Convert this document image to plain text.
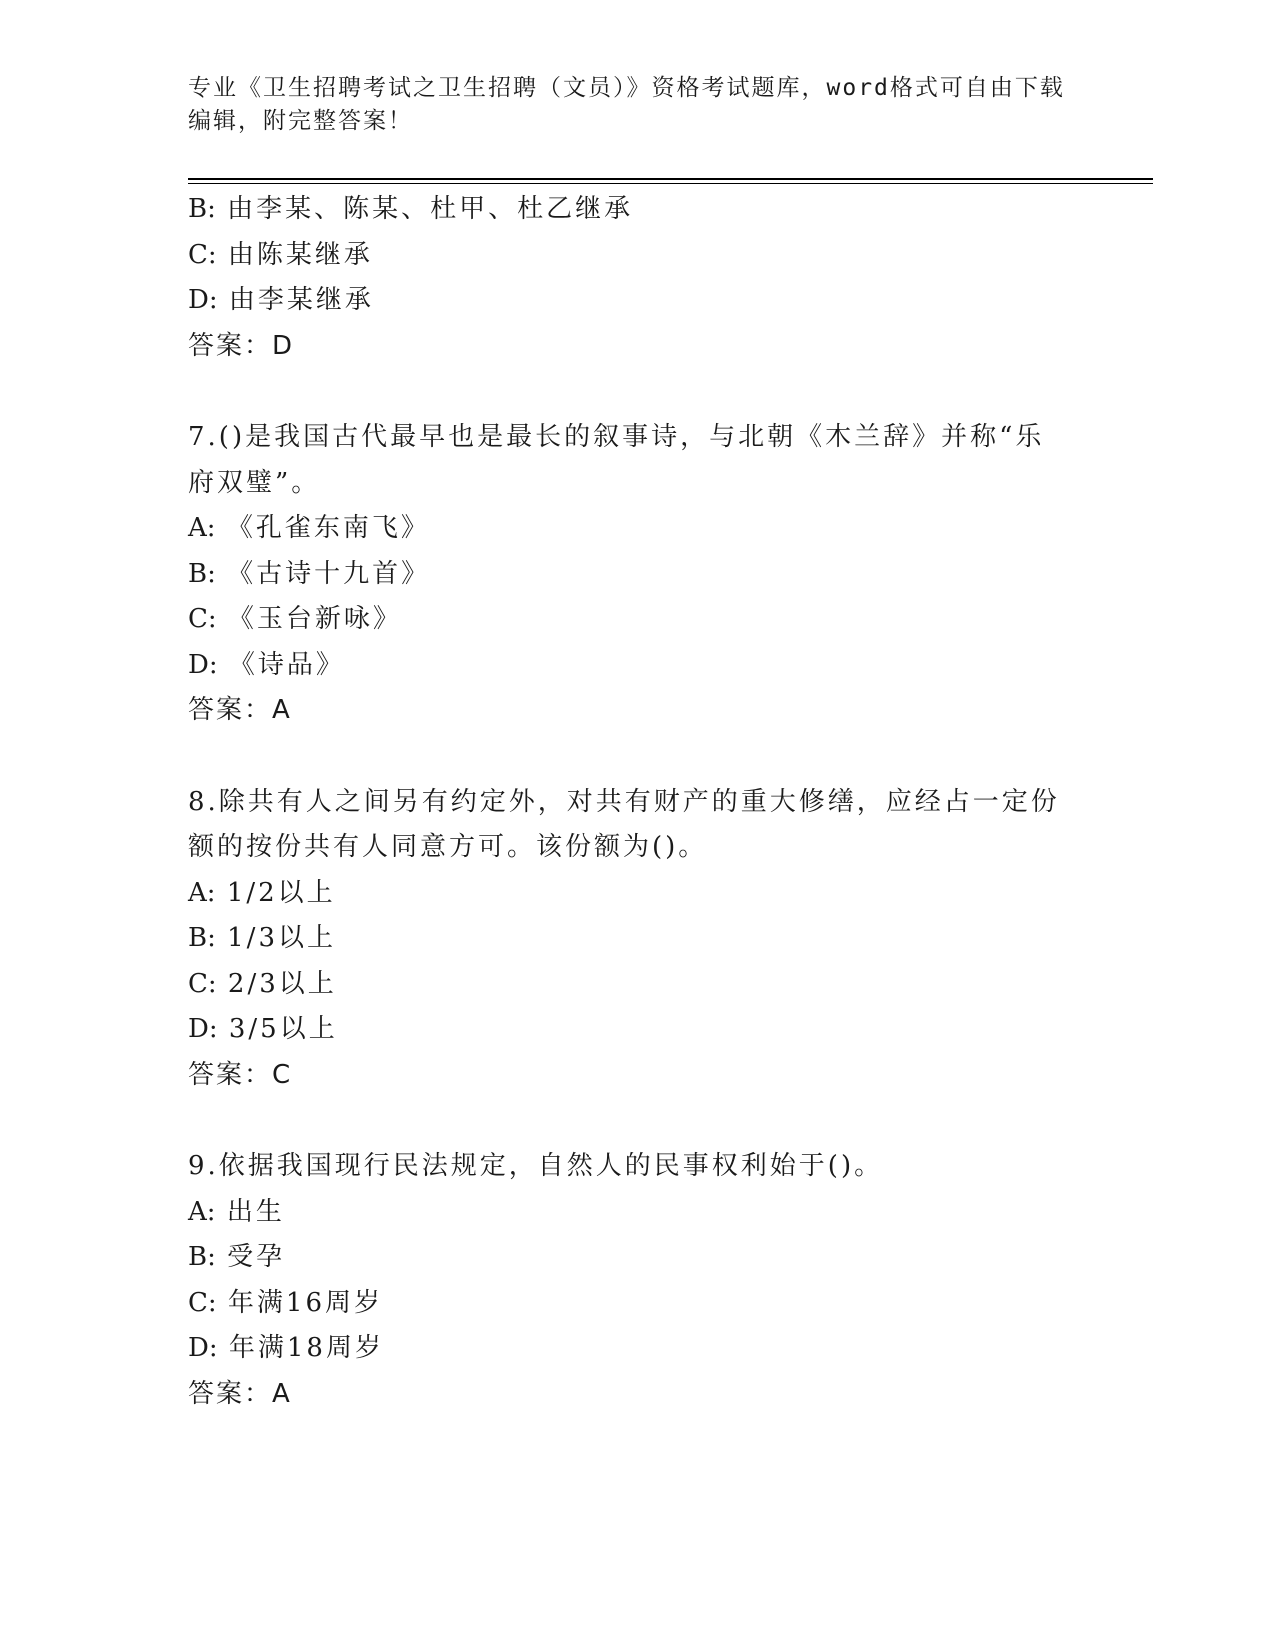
专业《卫生招聘考试之卫生招聘（文员）》资格考试题库，word格式可自由下载
编辑，附完整答案！
B: 由李某、陈某、杜甲、杜乙继承
C: 由陈某继承
D: 由李某继承
答案：D
7.()是我国古代最早也是最长的叙事诗，与北朝《木兰辞》并称“乐
府双璧”。
A: 《孔雀东南飞》
B: 《古诗十九首》
C: 《玉台新咏》
D: 《诗品》
答案：A
8.除共有人之间另有约定外，对共有财产的重大修缮，应经占一定份
额的按份共有人同意方可。该份额为()。
A: 1/2以上
B: 1/3以上
C: 2/3以上
D: 3/5以上
答案：C
9.依据我国现行民法规定，自然人的民事权利始于()。
A: 出生
B: 受孕
C: 年满16周岁
D: 年满18周岁
答案：A
